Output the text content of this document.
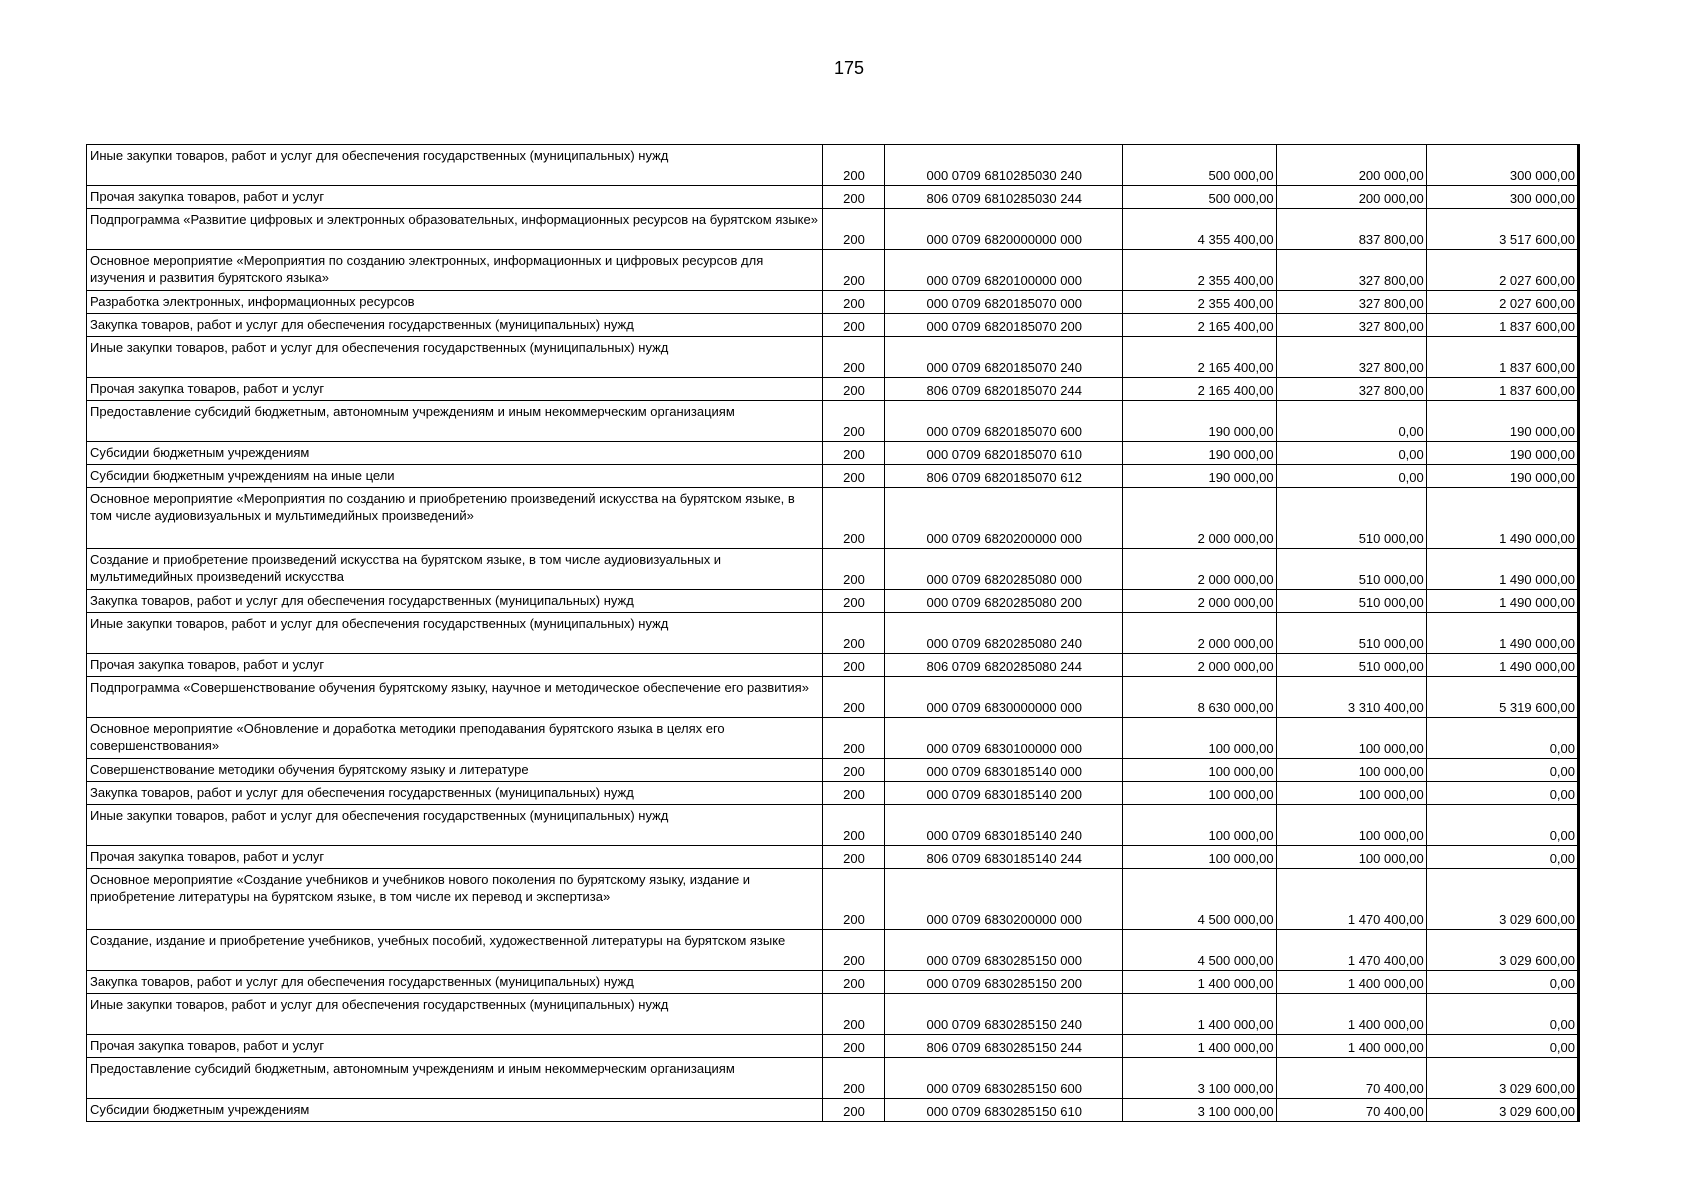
175
Иные закупки товаров, работ и услуг для обеспечения государственных (муниципальных) нужд	200	000 0709 6810285030 240	500 000,00	200 000,00	300 000,00
Прочая закупка товаров, работ и услуг	200	806 0709 6810285030 244	500 000,00	200 000,00	300 000,00
Подпрограмма «Развитие цифровых и электронных образовательных, информационных ресурсов на бурятском языке»	200	000 0709 6820000000 000	4 355 400,00	837 800,00	3 517 600,00
Основное мероприятие «Мероприятия по созданию электронных, информационных и цифровых ресурсов для изучения и развития бурятского языка»	200	000 0709 6820100000 000	2 355 400,00	327 800,00	2 027 600,00
Разработка электронных, информационных ресурсов	200	000 0709 6820185070 000	2 355 400,00	327 800,00	2 027 600,00
Закупка товаров, работ и услуг для обеспечения государственных (муниципальных) нужд	200	000 0709 6820185070 200	2 165 400,00	327 800,00	1 837 600,00
Иные закупки товаров, работ и услуг для обеспечения государственных (муниципальных) нужд	200	000 0709 6820185070 240	2 165 400,00	327 800,00	1 837 600,00
Прочая закупка товаров, работ и услуг	200	806 0709 6820185070 244	2 165 400,00	327 800,00	1 837 600,00
Предоставление субсидий бюджетным, автономным учреждениям и иным некоммерческим организациям	200	000 0709 6820185070 600	190 000,00	0,00	190 000,00
Субсидии бюджетным учреждениям	200	000 0709 6820185070 610	190 000,00	0,00	190 000,00
Субсидии бюджетным учреждениям на иные цели	200	806 0709 6820185070 612	190 000,00	0,00	190 000,00
Основное мероприятие «Мероприятия по созданию и приобретению произведений искусства на бурятском языке, в том числе аудиовизуальных и мультимедийных произведений»	200	000 0709 6820200000 000	2 000 000,00	510 000,00	1 490 000,00
Создание и приобретение произведений искусства на бурятском языке, в том числе аудиовизуальных и мультимедийных произведений искусства	200	000 0709 6820285080 000	2 000 000,00	510 000,00	1 490 000,00
Закупка товаров, работ и услуг для обеспечения государственных (муниципальных) нужд	200	000 0709 6820285080 200	2 000 000,00	510 000,00	1 490 000,00
Иные закупки товаров, работ и услуг для обеспечения государственных (муниципальных) нужд	200	000 0709 6820285080 240	2 000 000,00	510 000,00	1 490 000,00
Прочая закупка товаров, работ и услуг	200	806 0709 6820285080 244	2 000 000,00	510 000,00	1 490 000,00
Подпрограмма «Совершенствование обучения бурятскому языку, научное и методическое обеспечение его развития»	200	000 0709 6830000000 000	8 630 000,00	3 310 400,00	5 319 600,00
Основное мероприятие «Обновление и доработка методики преподавания бурятского языка в целях его совершенствования»	200	000 0709 6830100000 000	100 000,00	100 000,00	0,00
Совершенствование методики обучения бурятскому языку и литературе	200	000 0709 6830185140 000	100 000,00	100 000,00	0,00
Закупка товаров, работ и услуг для обеспечения государственных (муниципальных) нужд	200	000 0709 6830185140 200	100 000,00	100 000,00	0,00
Иные закупки товаров, работ и услуг для обеспечения государственных (муниципальных) нужд	200	000 0709 6830185140 240	100 000,00	100 000,00	0,00
Прочая закупка товаров, работ и услуг	200	806 0709 6830185140 244	100 000,00	100 000,00	0,00
Основное мероприятие «Создание учебников и учебников нового поколения по бурятскому языку, издание и приобретение литературы на бурятском языке, в том числе их перевод и экспертиза»	200	000 0709 6830200000 000	4 500 000,00	1 470 400,00	3 029 600,00
Создание, издание и приобретение учебников, учебных пособий, художественной литературы на бурятском языке	200	000 0709 6830285150 000	4 500 000,00	1 470 400,00	3 029 600,00
Закупка товаров, работ и услуг для обеспечения государственных (муниципальных) нужд	200	000 0709 6830285150 200	1 400 000,00	1 400 000,00	0,00
Иные закупки товаров, работ и услуг для обеспечения государственных (муниципальных) нужд	200	000 0709 6830285150 240	1 400 000,00	1 400 000,00	0,00
Прочая закупка товаров, работ и услуг	200	806 0709 6830285150 244	1 400 000,00	1 400 000,00	0,00
Предоставление субсидий бюджетным, автономным учреждениям и иным некоммерческим организациям	200	000 0709 6830285150 600	3 100 000,00	70 400,00	3 029 600,00
Субсидии бюджетным учреждениям	200	000 0709 6830285150 610	3 100 000,00	70 400,00	3 029 600,00
